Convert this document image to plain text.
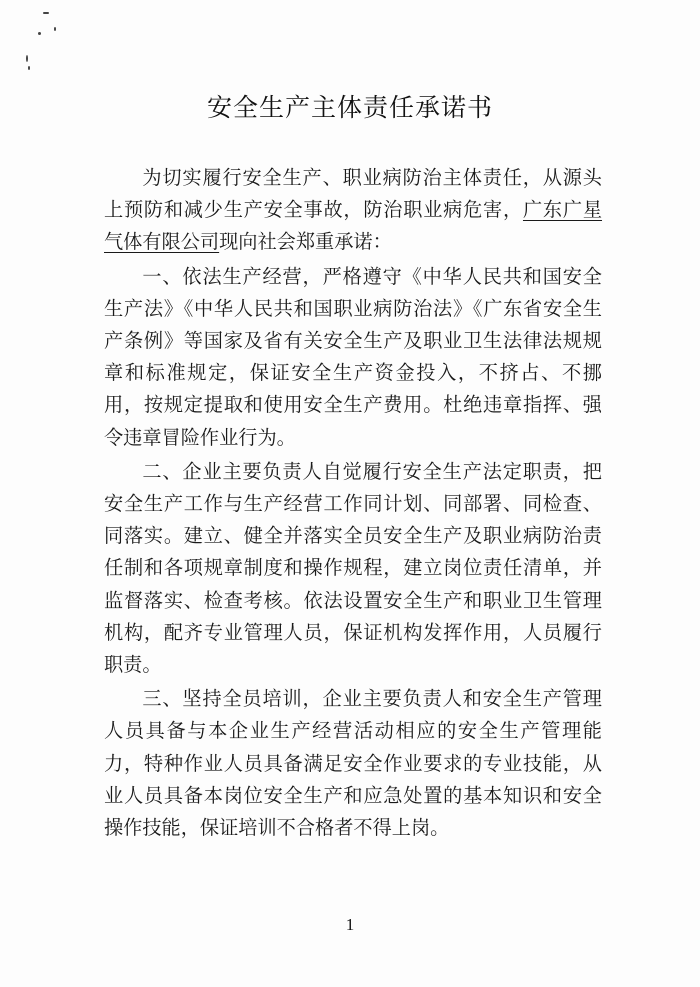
安全生产主体责任承诺书

为切实履行安全生产、职业病防治主体责任，从源头上预防和减少生产安全事故，防治职业病危害，广东广星气体有限公司现向社会郑重承诺：

一、依法生产经营，严格遵守《中华人民共和国安全生产法》《中华人民共和国职业病防治法》《广东省安全生产条例》等国家及省有关安全生产及职业卫生法律法规规章和标准规定，保证安全生产资金投入，不挤占、不挪用，按规定提取和使用安全生产费用。杜绝违章指挥、强令违章冒险作业行为。

二、企业主要负责人自觉履行安全生产法定职责，把安全生产工作与生产经营工作同计划、同部署、同检查、同落实。建立、健全并落实全员安全生产及职业病防治责任制和各项规章制度和操作规程，建立岗位责任清单，并监督落实、检查考核。依法设置安全生产和职业卫生管理机构，配齐专业管理人员，保证机构发挥作用，人员履行职责。

三、坚持全员培训，企业主要负责人和安全生产管理人员具备与本企业生产经营活动相应的安全生产管理能力，特种作业人员具备满足安全作业要求的专业技能，从业人员具备本岗位安全生产和应急处置的基本知识和安全操作技能，保证培训不合格者不得上岗。

1
